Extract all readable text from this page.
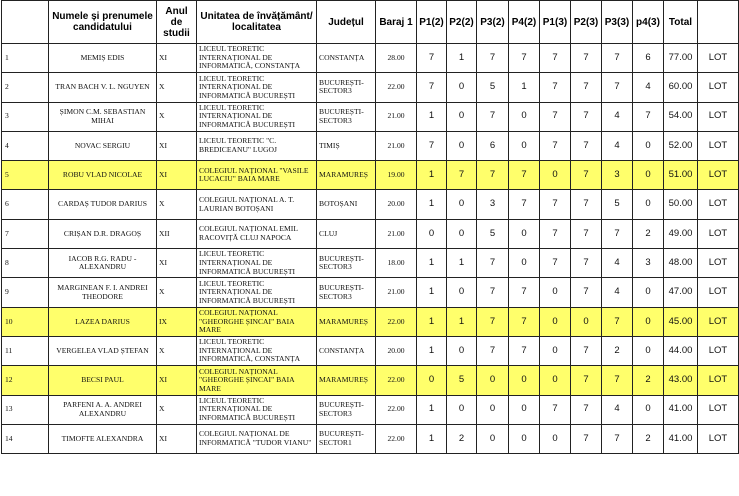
	Numele și prenumele candidatului	Anul de studii	Unitatea de învățământ/ localitatea	Județul	Baraj 1	P1(2)	P2(2)	P3(2)	P4(2)	P1(3)	P2(3)	P3(3)	p4(3)	Total	
1	MEMIȘ EDIS	XI	LICEUL TEORETIC INTERNAȚIONAL DE INFORMATICĂ, CONSTANȚA	CONSTANȚA	28.00	7	1	7	7	7	7	7	6	77.00	LOT
2	TRAN BACH V. L. NGUYEN	X	LICEUL TEORETIC INTERNAȚIONAL DE INFORMATICĂ BUCUREȘTI	BUCUREȘTI-SECTOR3	22.00	7	0	5	1	7	7	7	4	60.00	LOT
3	ȘIMON C.M. SEBASTIAN MIHAI	X	LICEUL TEORETIC INTERNAȚIONAL DE INFORMATICĂ BUCUREȘTI	BUCUREȘTI-SECTOR3	21.00	1	0	7	0	7	7	4	7	54.00	LOT
4	NOVAC SERGIU	XI	LICEUL TEORETIC "C. BREDICEANU" LUGOJ	TIMIȘ	21.00	7	0	6	0	7	7	4	0	52.00	LOT
5	ROBU VLAD NICOLAE	XI	COLEGIUL NAȚIONAL "VASILE LUCACIU" BAIA MARE	MARAMUREȘ	19.00	1	7	7	7	0	7	3	0	51.00	LOT
6	CARDAȘ TUDOR DARIUS	X	COLEGIUL NAȚIONAL A. T. LAURIAN BOTOȘANI	BOTOȘANI	20.00	1	0	3	7	7	7	5	0	50.00	LOT
7	CRIȘAN D.R. DRAGOȘ	XII	COLEGIUL NAȚIONAL EMIL RACOVIȚĂ CLUJ NAPOCA	CLUJ	21.00	0	0	5	0	7	7	7	2	49.00	LOT
8	IACOB R.G. RADU - ALEXANDRU	XI	LICEUL TEORETIC INTERNAȚIONAL DE INFORMATICĂ BUCUREȘTI	BUCUREȘTI-SECTOR3	18.00	1	1	7	0	7	7	4	3	48.00	LOT
9	MARGINEAN F. I. ANDREI THEODORE	X	LICEUL TEORETIC INTERNAȚIONAL DE INFORMATICĂ BUCUREȘTI	BUCUREȘTI-SECTOR3	21.00	1	0	7	7	0	7	4	0	47.00	LOT
10	LAZEA DARIUS	IX	COLEGIUL NAȚIONAL "GHEORGHE ȘINCAI" BAIA MARE	MARAMUREȘ	22.00	1	1	7	7	0	0	7	0	45.00	LOT
11	VERGELEA VLAD ȘTEFAN	X	LICEUL TEORETIC INTERNAȚIONAL DE INFORMATICĂ, CONSTANȚA	CONSTANȚA	20.00	1	0	7	7	0	7	2	0	44.00	LOT
12	BECSI PAUL	XI	COLEGIUL NAȚIONAL "GHEORGHE ȘINCAI" BAIA MARE	MARAMUREȘ	22.00	0	5	0	0	0	7	7	2	43.00	LOT
13	PARFENI A. A. ANDREI ALEXANDRU	X	LICEUL TEORETIC INTERNAȚIONAL DE INFORMATICĂ BUCUREȘTI	BUCUREȘTI-SECTOR3	22.00	1	0	0	0	7	7	4	0	41.00	LOT
14	TIMOFTE ALEXANDRA	XI	COLEGIUL NAȚIONAL DE INFORMATICĂ "TUDOR VIANU"	BUCUREȘTI-SECTOR1	22.00	1	2	0	0	0	7	7	2	41.00	LOT
